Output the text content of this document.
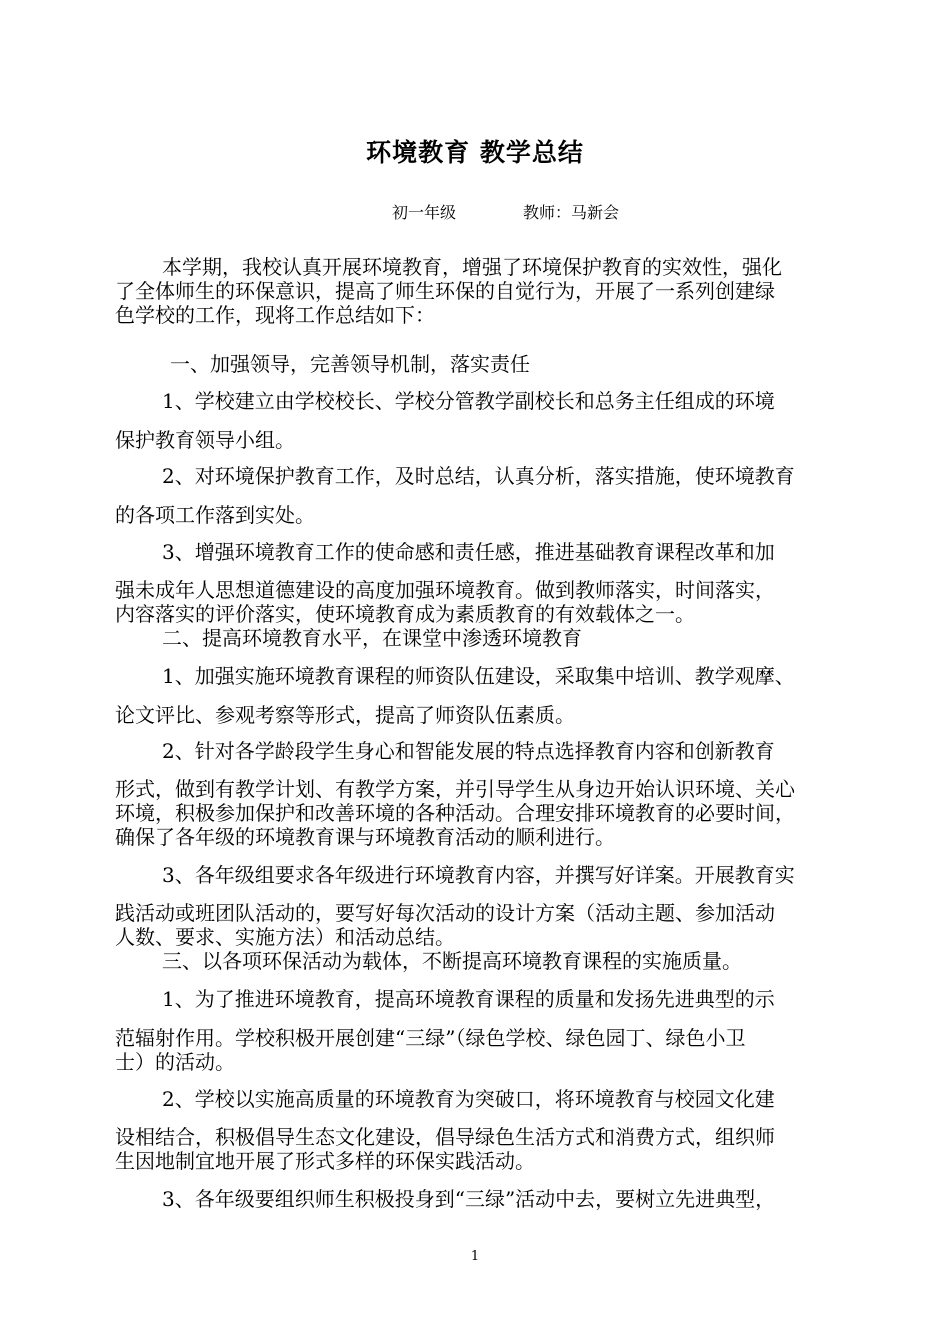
环境教育 教学总结
初一年级	教师：马新会
本学期，我校认真开展环境教育，增强了环境保护教育的实效性，强化
了全体师生的环保意识，提高了师生环保的自觉行为，开展了一系列创建绿
色学校的工作，现将工作总结如下：
一、加强领导，完善领导机制，落实责任
1、学校建立由学校校长、学校分管教学副校长和总务主任组成的环境
保护教育领导小组。
2、对环境保护教育工作，及时总结，认真分析，落实措施，使环境教育
的各项工作落到实处。
3、增强环境教育工作的使命感和责任感，推进基础教育课程改革和加
强未成年人思想道德建设的高度加强环境教育。做到教师落实，时间落实，
内容落实的评价落实，使环境教育成为素质教育的有效载体之一。
二、提高环境教育水平，在课堂中渗透环境教育
1、加强实施环境教育课程的师资队伍建设，采取集中培训、教学观摩、
论文评比、参观考察等形式，提高了师资队伍素质。
2、针对各学龄段学生身心和智能发展的特点选择教育内容和创新教育
形式，做到有教学计划、有教学方案，并引导学生从身边开始认识环境、关心
环境，积极参加保护和改善环境的各种活动。合理安排环境教育的必要时间，
确保了各年级的环境教育课与环境教育活动的顺利进行。
3、各年级组要求各年级进行环境教育内容，并撰写好详案。开展教育实
践活动或班团队活动的，要写好每次活动的设计方案（活动主题、参加活动
人数、要求、实施方法）和活动总结。
三、以各项环保活动为载体，不断提高环境教育课程的实施质量。
1、为了推进环境教育，提高环境教育课程的质量和发扬先进典型的示
范辐射作用。学校积极开展创建“三绿”（绿色学校、绿色园丁、绿色小卫
士）的活动。
2、学校以实施高质量的环境教育为突破口，将环境教育与校园文化建
设相结合，积极倡导生态文化建设，倡导绿色生活方式和消费方式，组织师
生因地制宜地开展了形式多样的环保实践活动。
3、各年级要组织师生积极投身到“三绿”活动中去，要树立先进典型，
1
